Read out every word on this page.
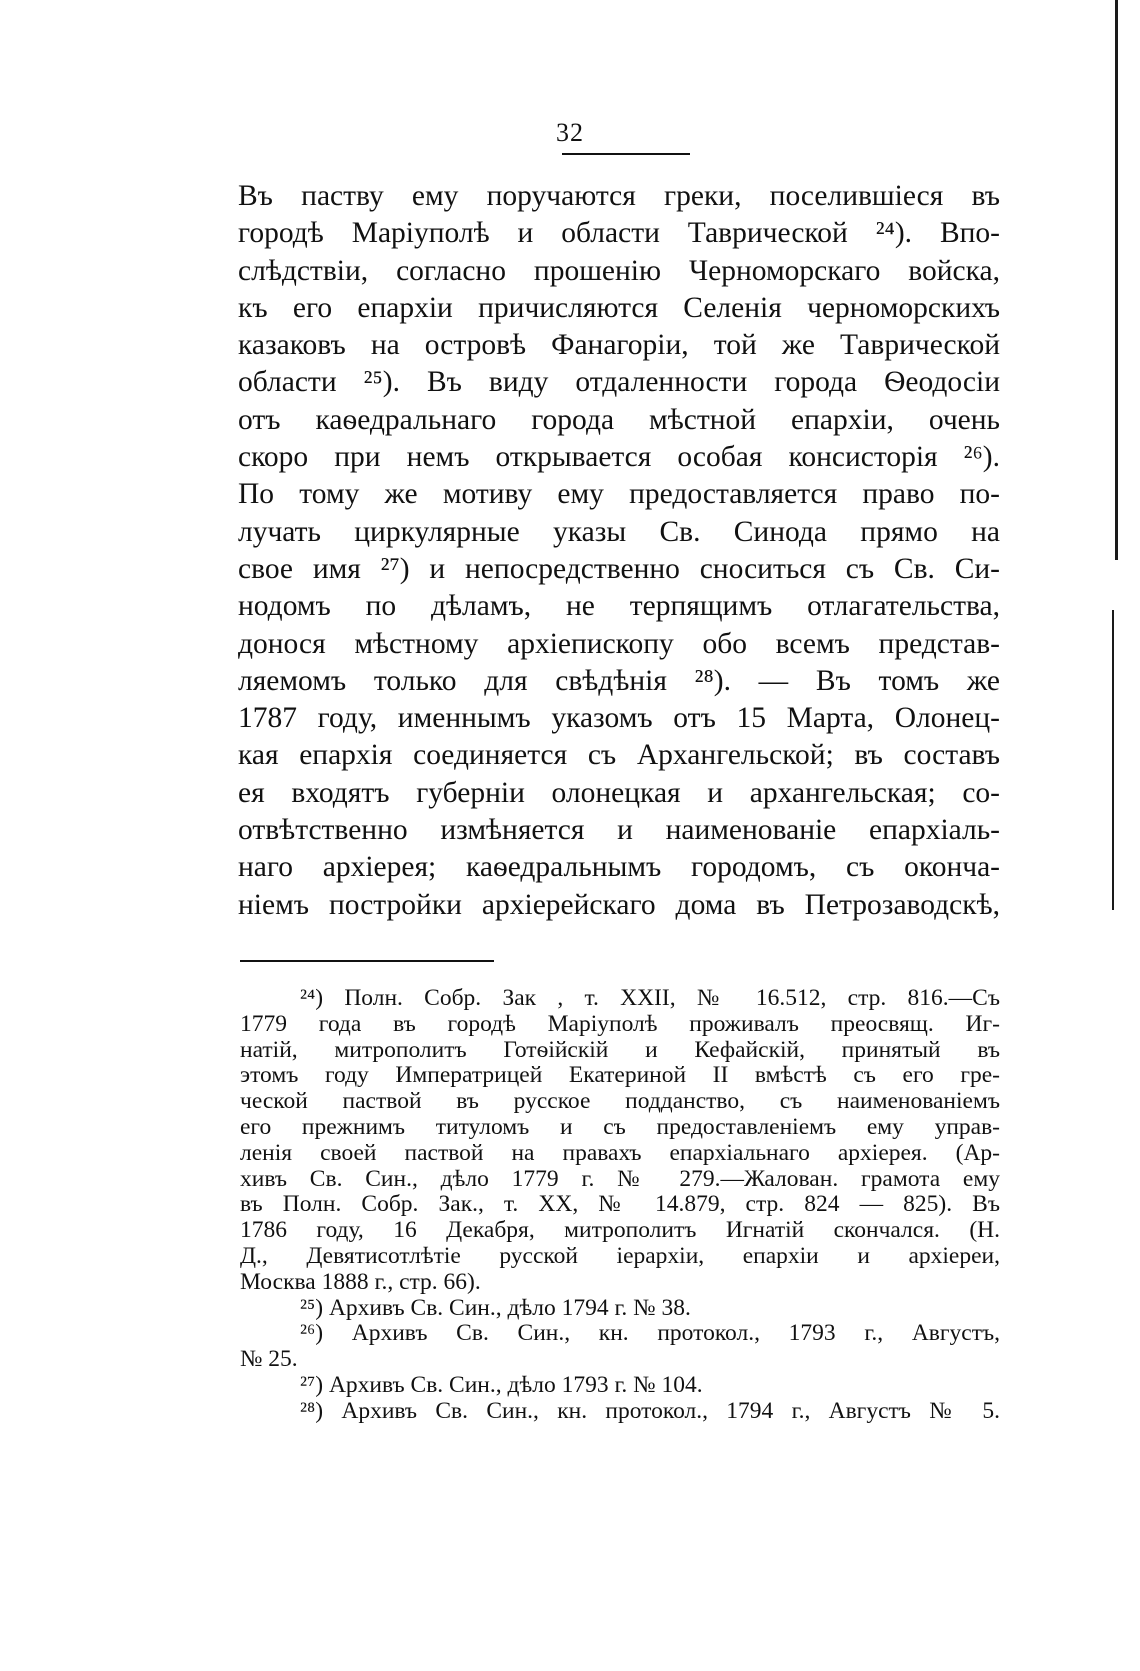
32
Въ паству ему поручаются греки, поселившіеся въ
городѣ Маріуполѣ и области Таврической ²⁴). Впо-
слѣдствіи, согласно прошенію Черноморскаго войска,
къ его епархіи причисляются Селенія черноморскихъ
казаковъ на островѣ Фанагоріи, той же Таврической
области ²⁵). Въ виду отдаленности города Ѳеодосіи
отъ каѳедральнаго города мѣстной епархіи, очень
скоро при немъ открывается особая консисторія ²⁶).
По тому же мотиву ему предоставляется право по-
лучать циркулярные указы Св. Синода прямо на
свое имя ²⁷) и непосредственно сноситься съ Св. Си-
нодомъ по дѣламъ, не терпящимъ отлагательства,
донося мѣстному архіепископу обо всемъ представ-
ляемомъ только для свѣдѣнія ²⁸). — Въ томъ же
1787 году, именнымъ указомъ отъ 15 Марта, Олонец-
кая епархія соединяется съ Архангельской; въ составъ
ея входятъ губерніи олонецкая и архангельская; со-
отвѣтственно измѣняется и наименованіе епархіаль-
наго архіерея; каѳедральнымъ городомъ, съ оконча-
ніемъ постройки архіерейскаго дома въ Петрозаводскѣ,
²⁴) Полн. Собр. Зак , т. XXII, № 16.512, стр. 816.—Съ
1779 года въ городѣ Маріуполѣ проживалъ преосвящ. Иг-
натій, митрополитъ Готѳійскій и Кефайскій, принятый въ
этомъ году Императрицей Екатериной II вмѣстѣ съ его гре-
ческой паствой въ русское подданство, съ наименованіемъ
его прежнимъ титуломъ и съ предоставленіемъ ему управ-
ленія своей паствой на правахъ епархіальнаго архіерея. (Ар-
хивъ Св. Син., дѣло 1779 г. № 279.—Жалован. грамота ему
въ Полн. Собр. Зак., т. XX, № 14.879, стр. 824 — 825). Въ
1786 году, 16 Декабря, митрополитъ Игнатій скончался. (Н.
Д., Девятисотлѣтіе русской іерархіи, епархіи и архіереи,
Москва 1888 г., стр. 66).
²⁵) Архивъ Св. Син., дѣло 1794 г. № 38.
²⁶) Архивъ Св. Син., кн. протокол., 1793 г., Августъ,
№ 25.
²⁷) Архивъ Св. Син., дѣло 1793 г. № 104.
²⁸) Архивъ Св. Син., кн. протокол., 1794 г., Августъ № 5.
